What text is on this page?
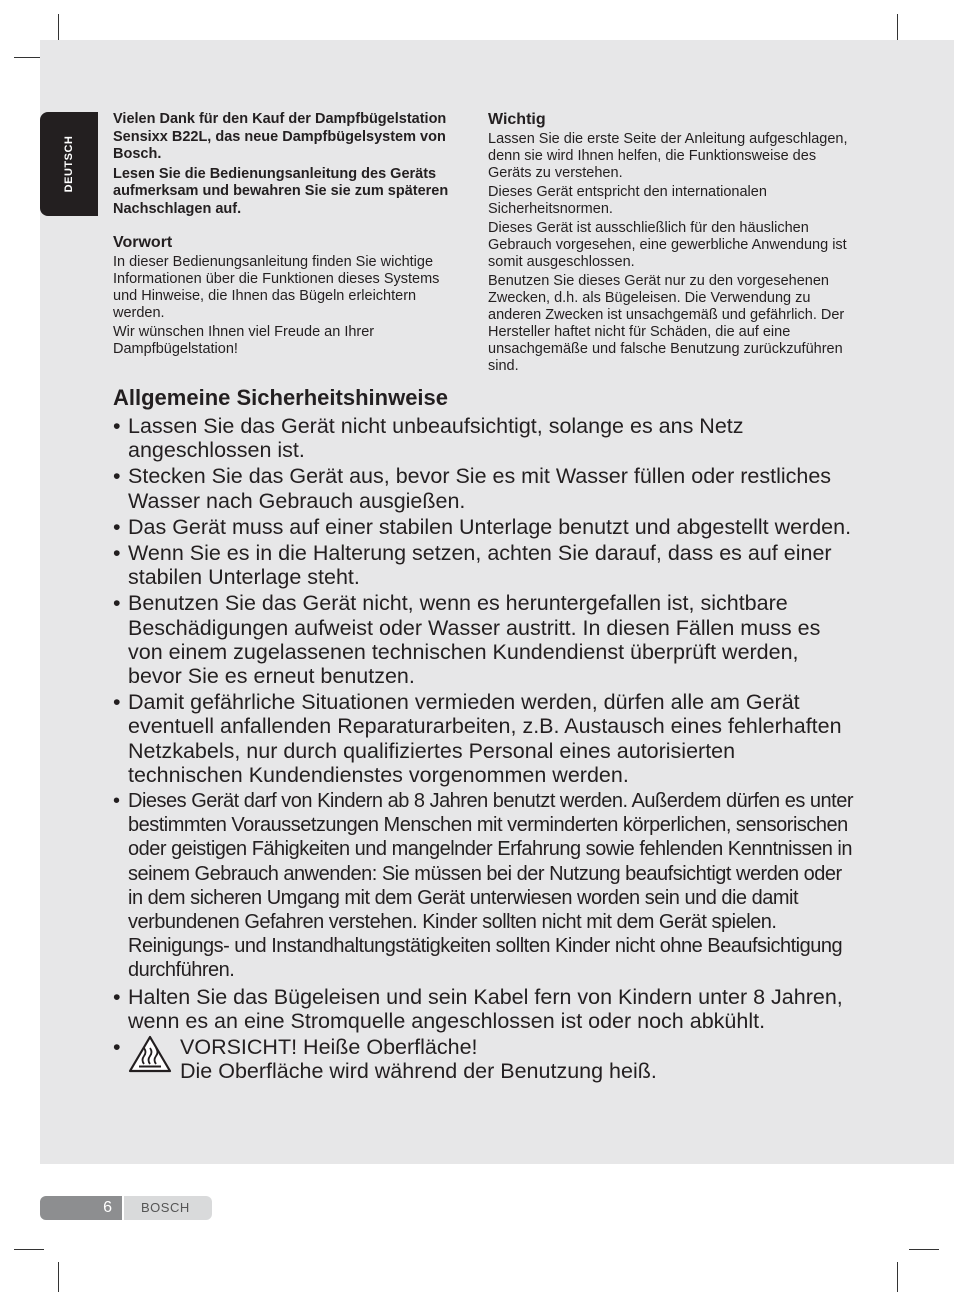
DEUTSCH

Vielen Dank für den Kauf der Dampfbügelstation Sensixx B22L, das neue Dampfbügelsystem von Bosch.

Lesen Sie die Bedienungsanleitung des Geräts aufmerksam und bewahren Sie sie zum späteren Nachschlagen auf.

Vorwort

In dieser Bedienungsanleitung finden Sie wichtige Informationen über die Funktionen dieses Systems und Hinweise, die Ihnen das Bügeln erleichtern werden.

Wir wünschen Ihnen viel Freude an Ihrer Dampfbügelstation!

Wichtig

Lassen Sie die erste Seite der Anleitung aufgeschlagen, denn sie wird Ihnen helfen, die Funktionsweise des Geräts zu verstehen.

Dieses Gerät entspricht den internationalen Sicherheitsnormen.

Dieses Gerät ist ausschließlich für den häuslichen Gebrauch vorgesehen, eine gewerbliche Anwendung ist somit ausgeschlossen.

Benutzen Sie dieses Gerät nur zu den vorgesehenen Zwecken, d.h. als Bügeleisen. Die Verwendung zu anderen Zwecken ist unsachgemäß und gefährlich. Der Hersteller haftet nicht für Schäden, die auf eine unsachgemäße und falsche Benutzung zurückzuführen sind.

Allgemeine Sicherheitshinweise
• Lassen Sie das Gerät nicht unbeaufsichtigt, solange es ans Netz angeschlossen ist.
• Stecken Sie das Gerät aus, bevor Sie es mit Wasser füllen oder restliches Wasser nach Gebrauch ausgießen.
• Das Gerät muss auf einer stabilen Unterlage benutzt und abgestellt werden.
• Wenn Sie es in die Halterung setzen, achten Sie darauf, dass es auf einer stabilen Unterlage steht.
• Benutzen Sie das Gerät nicht, wenn es heruntergefallen ist, sichtbare Beschädigungen aufweist oder Wasser austritt. In diesen Fällen muss es von einem zugelassenen technischen Kundendienst überprüft werden, bevor Sie es erneut benutzen.
• Damit gefährliche Situationen vermieden werden, dürfen alle am Gerät eventuell anfallenden Reparaturarbeiten, z.B. Austausch eines fehlerhaften Netzkabels, nur durch qualifiziertes Personal eines autorisierten technischen Kundendienstes vorgenommen werden.
• Dieses Gerät darf von Kindern ab 8 Jahren benutzt werden. Außerdem dürfen es unter bestimmten Voraussetzungen Menschen mit verminderten körperlichen, sensorischen oder geistigen Fähigkeiten und mangelnder Erfahrung sowie fehlenden Kenntnissen in seinem Gebrauch anwenden: Sie müssen bei der Nutzung beaufsichtigt werden oder in dem sicheren Umgang mit dem Gerät unterwiesen worden sein und die damit verbundenen Gefahren verstehen. Kinder sollten nicht mit dem Gerät spielen. Reinigungs- und Instandhaltungstätigkeiten sollten Kinder nicht ohne Beaufsichtigung durchführen.
• Halten Sie das Bügeleisen und sein Kabel fern von Kindern unter 8 Jahren, wenn es an eine Stromquelle angeschlossen ist oder noch abkühlt.
• VORSICHT! Heiße Oberfläche!
Die Oberfläche wird während der Benutzung heiß.
6	BOSCH
